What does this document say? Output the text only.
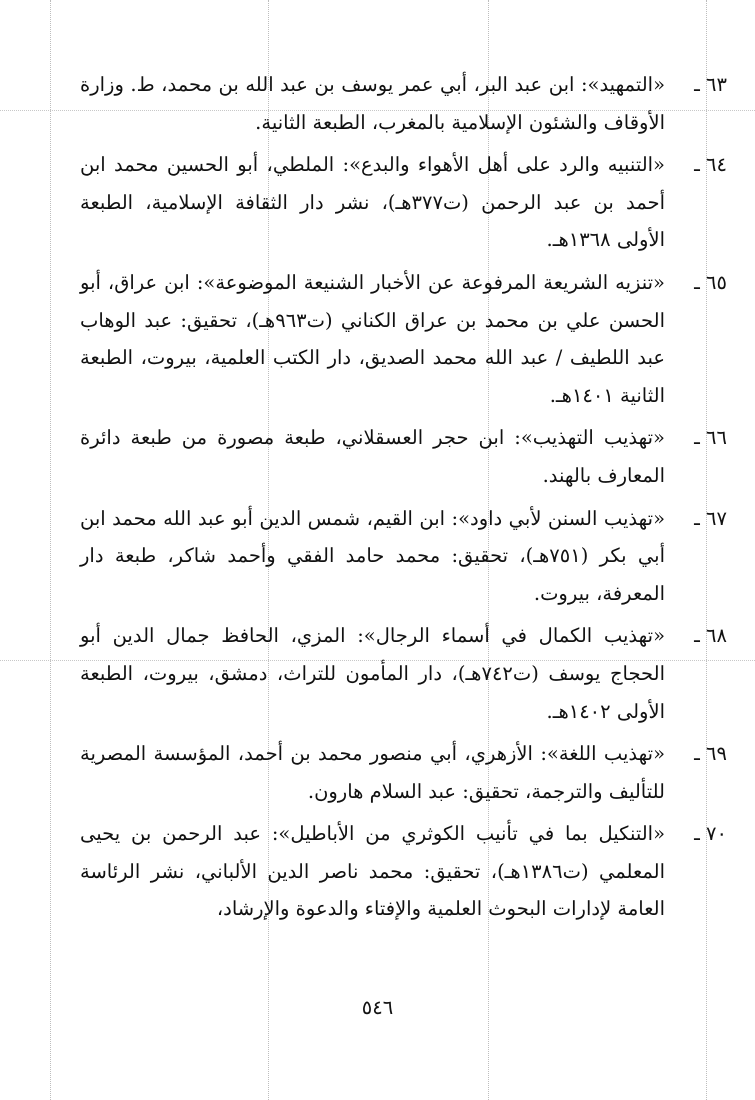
٦٣ ـ
«التمهيد»: ابن عبد البر، أبي عمر يوسف بن عبد الله بن محمد، ط. وزارة الأوقاف والشئون الإسلامية بالمغرب، الطبعة الثانية.
٦٤ ـ
«التنبيه والرد على أهل الأهواء والبدع»: الملطي، أبو الحسين محمد ابن أحمد بن عبد الرحمن (ت٣٧٧هـ)، نشر دار الثقافة الإسلامية، الطبعة الأولى ١٣٦٨هـ.
٦٥ ـ
«تنزيه الشريعة المرفوعة عن الأخبار الشنيعة الموضوعة»: ابن عراق، أبو الحسن علي بن محمد بن عراق الكناني (ت٩٦٣هـ)، تحقيق: عبد الوهاب عبد اللطيف / عبد الله محمد الصديق، دار الكتب العلمية، بيروت، الطبعة الثانية ١٤٠١هـ.
٦٦ ـ
«تهذيب التهذيب»: ابن حجر العسقلاني، طبعة مصورة من طبعة دائرة المعارف بالهند.
٦٧ ـ
«تهذيب السنن لأبي داود»: ابن القيم، شمس الدين أبو عبد الله محمد ابن أبي بكر (٧٥١هـ)، تحقيق: محمد حامد الفقي وأحمد شاكر، طبعة دار المعرفة، بيروت.
٦٨ ـ
«تهذيب الكمال في أسماء الرجال»: المزي، الحافظ جمال الدين أبو الحجاج يوسف (ت٧٤٢هـ)، دار المأمون للتراث، دمشق، بيروت، الطبعة الأولى ١٤٠٢هـ.
٦٩ ـ
«تهذيب اللغة»: الأزهري، أبي منصور محمد بن أحمد، المؤسسة المصرية للتأليف والترجمة، تحقيق: عبد السلام هارون.
٧٠ ـ
«التنكيل بما في تأنيب الكوثري من الأباطيل»: عبد الرحمن بن يحيى المعلمي (ت١٣٨٦هـ)، تحقيق: محمد ناصر الدين الألباني، نشر الرئاسة العامة لإدارات البحوث العلمية والإفتاء والدعوة والإرشاد،
٥٤٦
